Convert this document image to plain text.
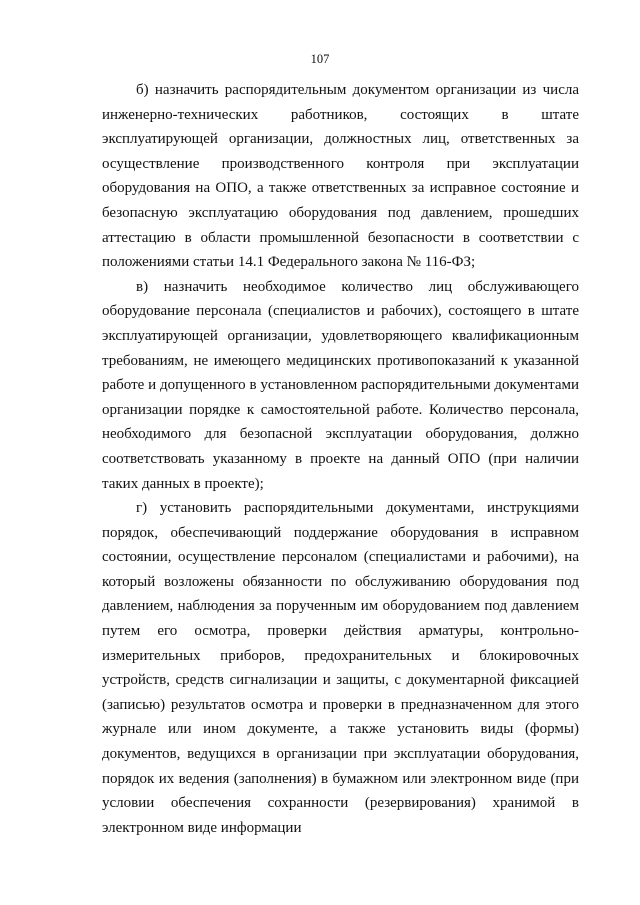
107

б) назначить распорядительным документом организации из числа инженерно-технических работников, состоящих в штате эксплуатирующей организации, должностных лиц, ответственных за осуществление производственного контроля при эксплуатации оборудования на ОПО, а также ответственных за исправное состояние и безопасную эксплуатацию оборудования под давлением, прошедших аттестацию в области промышленной безопасности в соответствии с положениями статьи 14.1 Федерального закона № 116-ФЗ;

в) назначить необходимое количество лиц обслуживающего оборудование персонала (специалистов и рабочих), состоящего в штате эксплуатирующей организации, удовлетворяющего квалификационным требованиям, не имеющего медицинских противопоказаний к указанной работе и допущенного в установленном распорядительными документами организации порядке к самостоятельной работе. Количество персонала, необходимого для безопасной эксплуатации оборудования, должно соответствовать указанному в проекте на данный ОПО (при наличии таких данных в проекте);

г) установить распорядительными документами, инструкциями порядок, обеспечивающий поддержание оборудования в исправном состоянии, осуществление персоналом (специалистами и рабочими), на который возложены обязанности по обслуживанию оборудования под давлением, наблюдения за порученным им оборудованием под давлением путем его осмотра, проверки действия арматуры, контрольно-измерительных приборов, предохранительных и блокировочных устройств, средств сигнализации и защиты, с документарной фиксацией (записью) результатов осмотра и проверки в предназначенном для этого журнале или ином документе, а также установить виды (формы) документов, ведущихся в организации при эксплуатации оборудования, порядок их ведения (заполнения) в бумажном или электронном виде (при условии обеспечения сохранности (резервирования) хранимой в электронном виде информации
